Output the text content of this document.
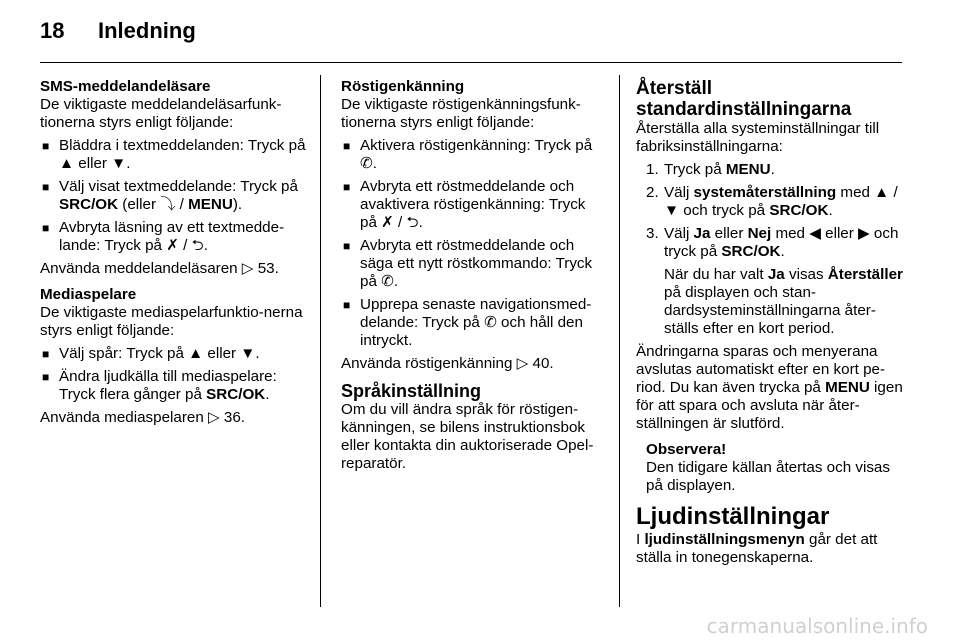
18	Inledning
SMS-meddelandeläsare
De viktigaste meddelandeläsarfunk-tionerna styrs enligt följande:
■ Bläddra i textmeddelanden: Tryck på ▲ eller ▼.
■ Välj visat textmeddelande: Tryck på SRC/OK (eller ⤵ / MENU).
■ Avbryta läsning av ett textmedde-lande: Tryck på ✗ / ⮌.
Använda meddelandeläsaren ▷ 53.
Mediaspelare
De viktigaste mediaspelarfunktio-nerna styrs enligt följande:
■ Välj spår: Tryck på ▲ eller ▼.
■ Ändra ljudkälla till mediaspelare: Tryck flera gånger på SRC/OK.
Använda mediaspelaren ▷ 36.
Röstigenkänning
De viktigaste röstigenkänningsfunk-tionerna styrs enligt följande:
■ Aktivera röstigenkänning: Tryck på ✆.
■ Avbryta ett röstmeddelande och avaktivera röstigenkänning: Tryck på ✗ / ⮌.
■ Avbryta ett röstmeddelande och säga ett nytt röstkommando: Tryck på ✆.
■ Upprepa senaste navigationsmed-delande: Tryck på ✆ och håll den intryckt.
Använda röstigenkänning ▷ 40.
Språkinställning
Om du vill ändra språk för röstigen-känningen, se bilens instruktionsbok eller kontakta din auktoriserade Opel-reparatör.
Återställ standardinställningarna
Återställa alla systeminställningar till fabriksinställningarna:
1. Tryck på MENU.
2. Välj systemåterställning med ▲ / ▼ och tryck på SRC/OK.
3. Välj Ja eller Nej med ◀ eller ▶ och tryck på SRC/OK.
När du har valt Ja visas Återställer på displayen och stan-dardsysteminställningarna åter-ställs efter en kort period.
Ändringarna sparas och menyerana avslutas automatiskt efter en kort pe-riod. Du kan även trycka på MENU igen för att spara och avsluta när åter-ställningen är slutförd.
Observera!
Den tidigare källan återtas och visas på displayen.
Ljudinställningar
I ljudinställningsmenyn går det att ställa in tonegenskaperna.
carmanualsonline.info
